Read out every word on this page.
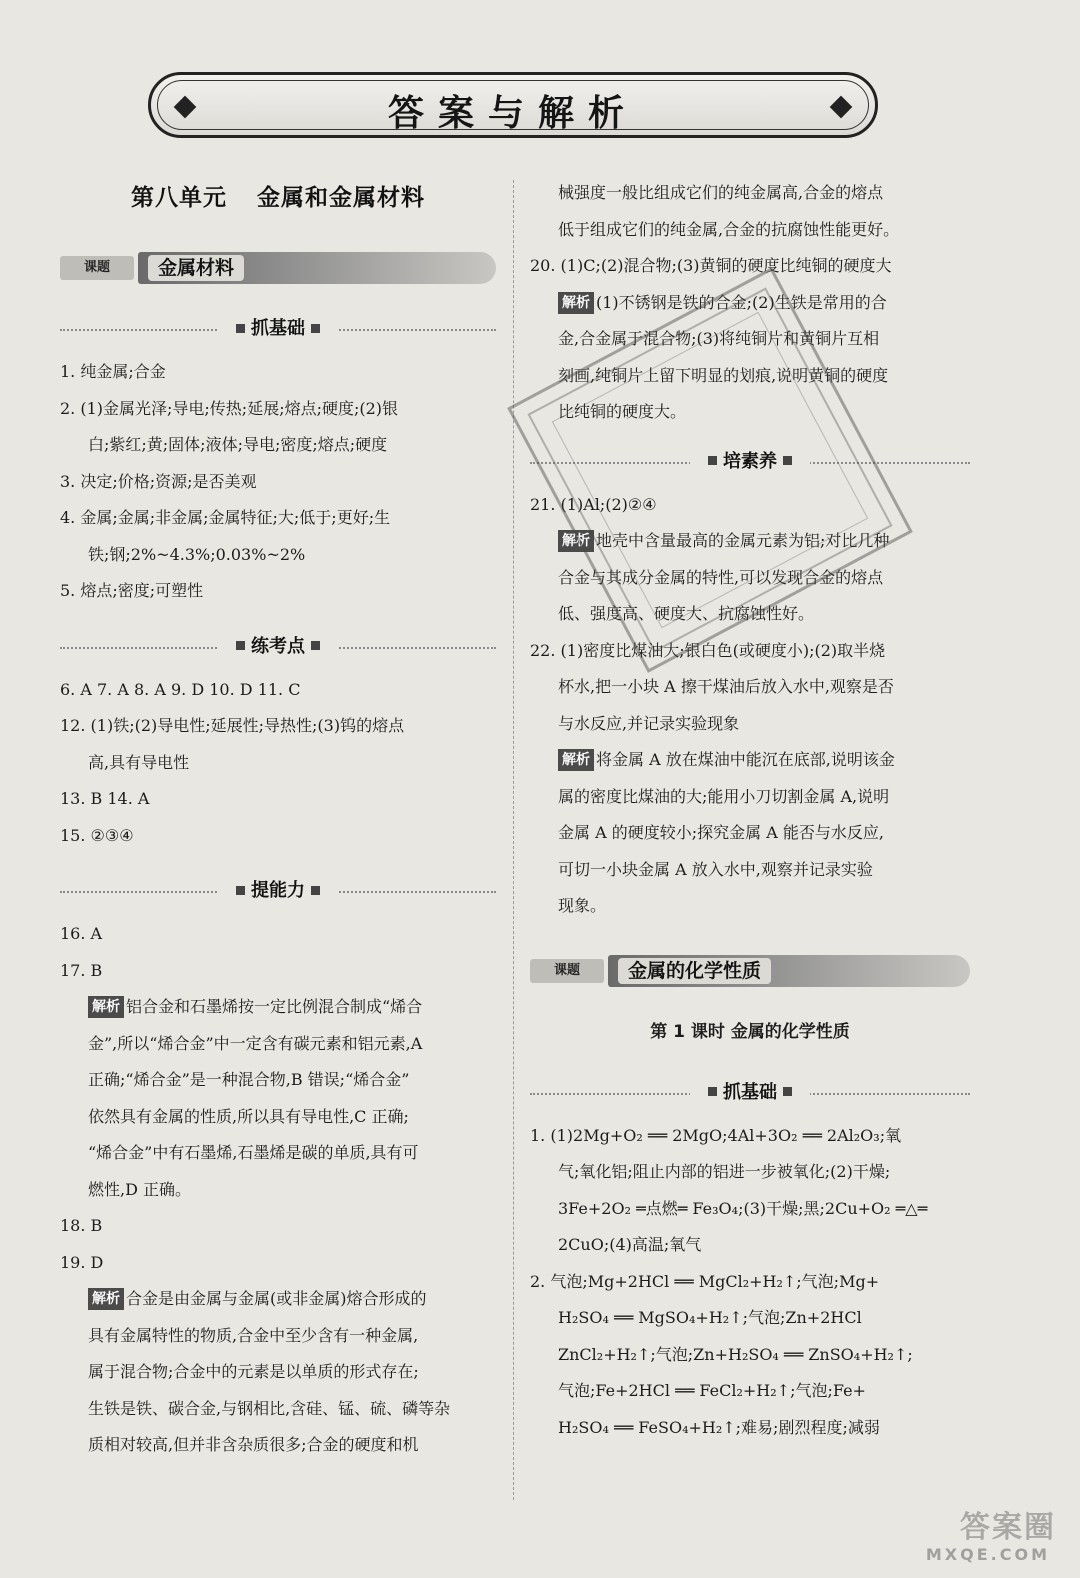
答案与解析
第八单元 金属和金属材料
课题	金属材料
抓基础
1. 纯金属;合金
2. (1)金属光泽;导电;传热;延展;熔点;硬度;(2)银
白;紫红;黄;固体;液体;导电;密度;熔点;硬度
3. 决定;价格;资源;是否美观
4. 金属;金属;非金属;金属特征;大;低于;更好;生
铁;钢;2%~4.3%;0.03%~2%
5. 熔点;密度;可塑性
练考点
6. A 7. A 8. A 9. D 10. D 11. C
12. (1)铁;(2)导电性;延展性;导热性;(3)钨的熔点
高,具有导电性
13. B 14. A
15. ②③④
提能力
16. A
17. B
解析 铝合金和石墨烯按一定比例混合制成“烯合
金”,所以“烯合金”中一定含有碳元素和铝元素,A
正确;“烯合金”是一种混合物,B 错误;“烯合金”
依然具有金属的性质,所以具有导电性,C 正确;
“烯合金”中有石墨烯,石墨烯是碳的单质,具有可
燃性,D 正确。
18. B
19. D
解析 合金是由金属与金属(或非金属)熔合形成的
具有金属特性的物质,合金中至少含有一种金属,
属于混合物;合金中的元素是以单质的形式存在;
生铁是铁、碳合金,与钢相比,含硅、锰、硫、磷等杂
质相对较高,但并非含杂质很多;合金的硬度和机
械强度一般比组成它们的纯金属高,合金的熔点
低于组成它们的纯金属,合金的抗腐蚀性能更好。
20. (1)C;(2)混合物;(3)黄铜的硬度比纯铜的硬度大
解析 (1)不锈钢是铁的合金;(2)生铁是常用的合
金,合金属于混合物;(3)将纯铜片和黄铜片互相
刻画,纯铜片上留下明显的划痕,说明黄铜的硬度
比纯铜的硬度大。
培素养
21. (1)Al;(2)②④
解析 地壳中含量最高的金属元素为铝;对比几种
合金与其成分金属的特性,可以发现合金的熔点
低、强度高、硬度大、抗腐蚀性好。
22. (1)密度比煤油大;银白色(或硬度小);(2)取半烧
杯水,把一小块 A 擦干煤油后放入水中,观察是否
与水反应,并记录实验现象
解析 将金属 A 放在煤油中能沉在底部,说明该金
属的密度比煤油的大;能用小刀切割金属 A,说明
金属 A 的硬度较小;探究金属 A 能否与水反应,
可切一小块金属 A 放入水中,观察并记录实验
现象。
课题	金属的化学性质
第 1 课时 金属的化学性质
抓基础
1. (1)2Mg+O₂ ══ 2MgO;4Al+3O₂ ══ 2Al₂O₃;氧
气;氧化铝;阻止内部的铝进一步被氧化;(2)干燥;
3Fe+2O₂ ═点燃═ Fe₃O₄;(3)干燥;黑;2Cu+O₂ ═△═
2CuO;(4)高温;氧气
2. 气泡;Mg+2HCl ══ MgCl₂+H₂↑;气泡;Mg+
H₂SO₄ ══ MgSO₄+H₂↑;气泡;Zn+2HCl
ZnCl₂+H₂↑;气泡;Zn+H₂SO₄ ══ ZnSO₄+H₂↑;
气泡;Fe+2HCl ══ FeCl₂+H₂↑;气泡;Fe+
H₂SO₄ ══ FeSO₄+H₂↑;难易;剧烈程度;减弱
答案圈
MXQE.COM
